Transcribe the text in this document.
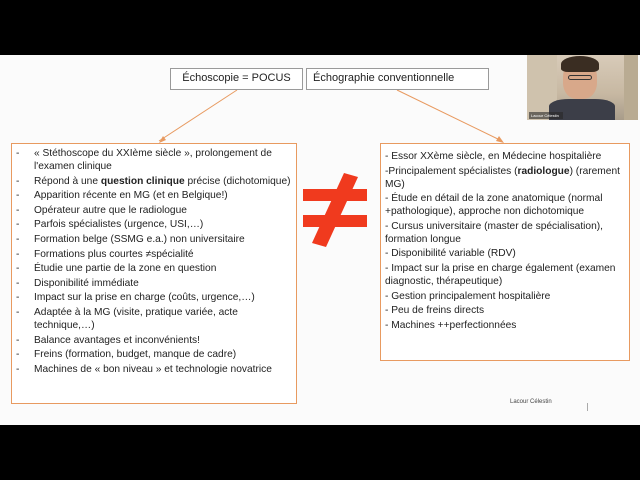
Échoscopie = POCUS	Échographie conventionnelle
- « Stéthoscope du XXIème siècle », prolongement de l'examen clinique
- Répond à une question clinique précise (dichotomique)
- Apparition récente en MG (et en Belgique!)
- Opérateur autre que le radiologue
- Parfois spécialistes (urgence, USI,…)
- Formation belge (SSMG e.a.) non universitaire
- Formations plus courtes ≠spécialité
- Étudie une partie de la zone en question
- Disponibilité immédiate
- Impact sur la prise en charge (coûts, urgence,…)
- Adaptée à la MG (visite, pratique variée, acte technique,…)
- Balance avantages et inconvénients!
- Freins (formation, budget, manque de cadre)
- Machines de « bon niveau » et technologie novatrice
- Essor XXème siècle, en Médecine hospitalière
-Principalement spécialistes (radiologue) (rarement MG)
- Étude en détail de la zone anatomique (normal +pathologique), approche non dichotomique
- Cursus universitaire (master de spécialisation), formation longue
- Disponibilité variable (RDV)
- Impact sur la prise en charge également (examen diagnostic, thérapeutique)
- Gestion principalement hospitalière
- Peu de freins directs
- Machines ++perfectionnées
Lacour Célestin
Lacour Célestin
